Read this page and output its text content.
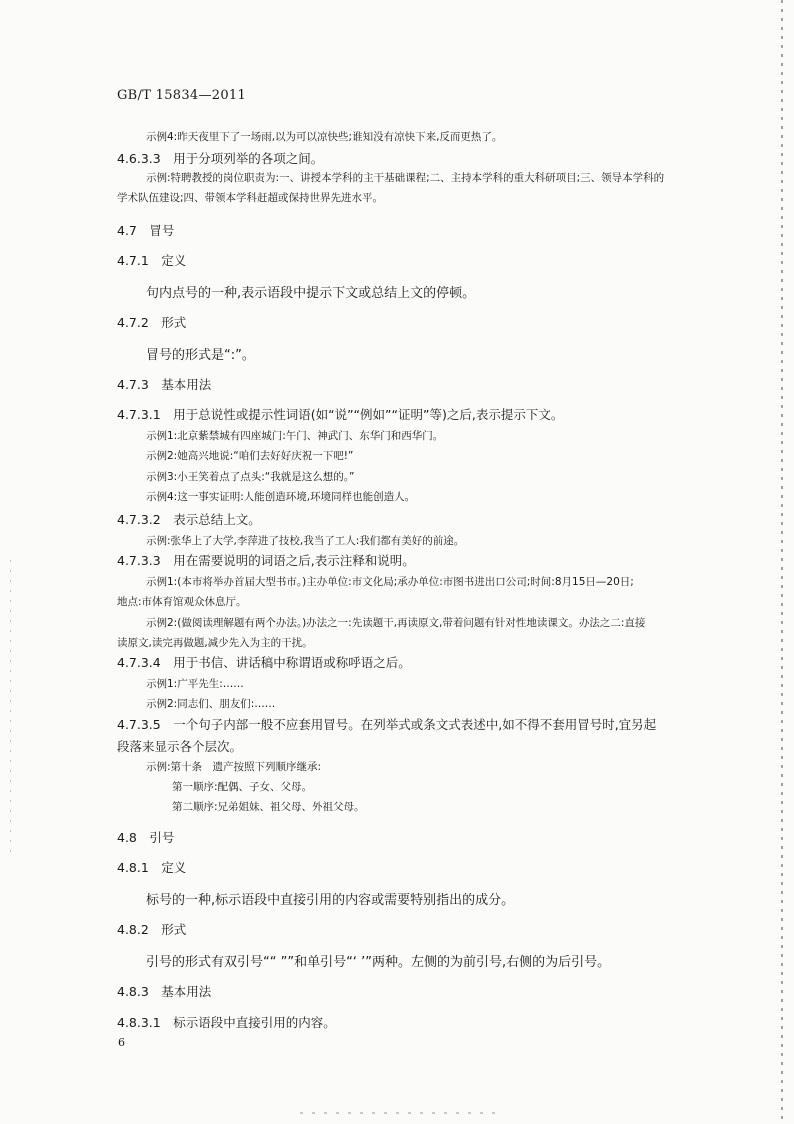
GB/T 15834—2011
示例4:昨天夜里下了一场雨,以为可以凉快些;谁知没有凉快下来,反而更热了。
4.6.3.3　用于分项列举的各项之间。
示例:特聘教授的岗位职责为:一、讲授本学科的主干基础课程;二、主持本学科的重大科研项目;三、领导本学科的
学术队伍建设;四、带领本学科赶超或保持世界先进水平。
4.7　冒号
4.7.1　定义
句内点号的一种,表示语段中提示下文或总结上文的停顿。
4.7.2　形式
冒号的形式是“:”。
4.7.3　基本用法
4.7.3.1　用于总说性或提示性词语(如“说”“例如”“证明”等)之后,表示提示下文。
示例1:北京紫禁城有四座城门:午门、神武门、东华门和西华门。
示例2:她高兴地说:“咱们去好好庆祝一下吧!”
示例3:小王笑着点了点头:“我就是这么想的。”
示例4:这一事实证明:人能创造环境,环境同样也能创造人。
4.7.3.2　表示总结上文。
示例:张华上了大学,李萍进了技校,我当了工人:我们都有美好的前途。
4.7.3.3　用在需要说明的词语之后,表示注释和说明。
示例1:(本市将举办首届大型书市。)主办单位:市文化局;承办单位:市图书进出口公司;时间:8月15日—20日;
地点:市体育馆观众休息厅。
示例2:(做阅读理解题有两个办法。)办法之一:先读题干,再读原文,带着问题有针对性地读课文。办法之二:直接
读原文,读完再做题,减少先入为主的干扰。
4.7.3.4　用于书信、讲话稿中称谓语或称呼语之后。
示例1:广平先生:……
示例2:同志们、朋友们:……
4.7.3.5　一个句子内部一般不应套用冒号。在列举式或条文式表述中,如不得不套用冒号时,宜另起
段落来显示各个层次。
示例:第十条　遗产按照下列顺序继承:
第一顺序:配偶、子女、父母。
第二顺序:兄弟姐妹、祖父母、外祖父母。
4.8　引号
4.8.1　定义
标号的一种,标示语段中直接引用的内容或需要特别指出的成分。
4.8.2　形式
引号的形式有双引号““ ””和单引号“‘ ’”两种。左侧的为前引号,右侧的为后引号。
4.8.3　基本用法
4.8.3.1　标示语段中直接引用的内容。
6
